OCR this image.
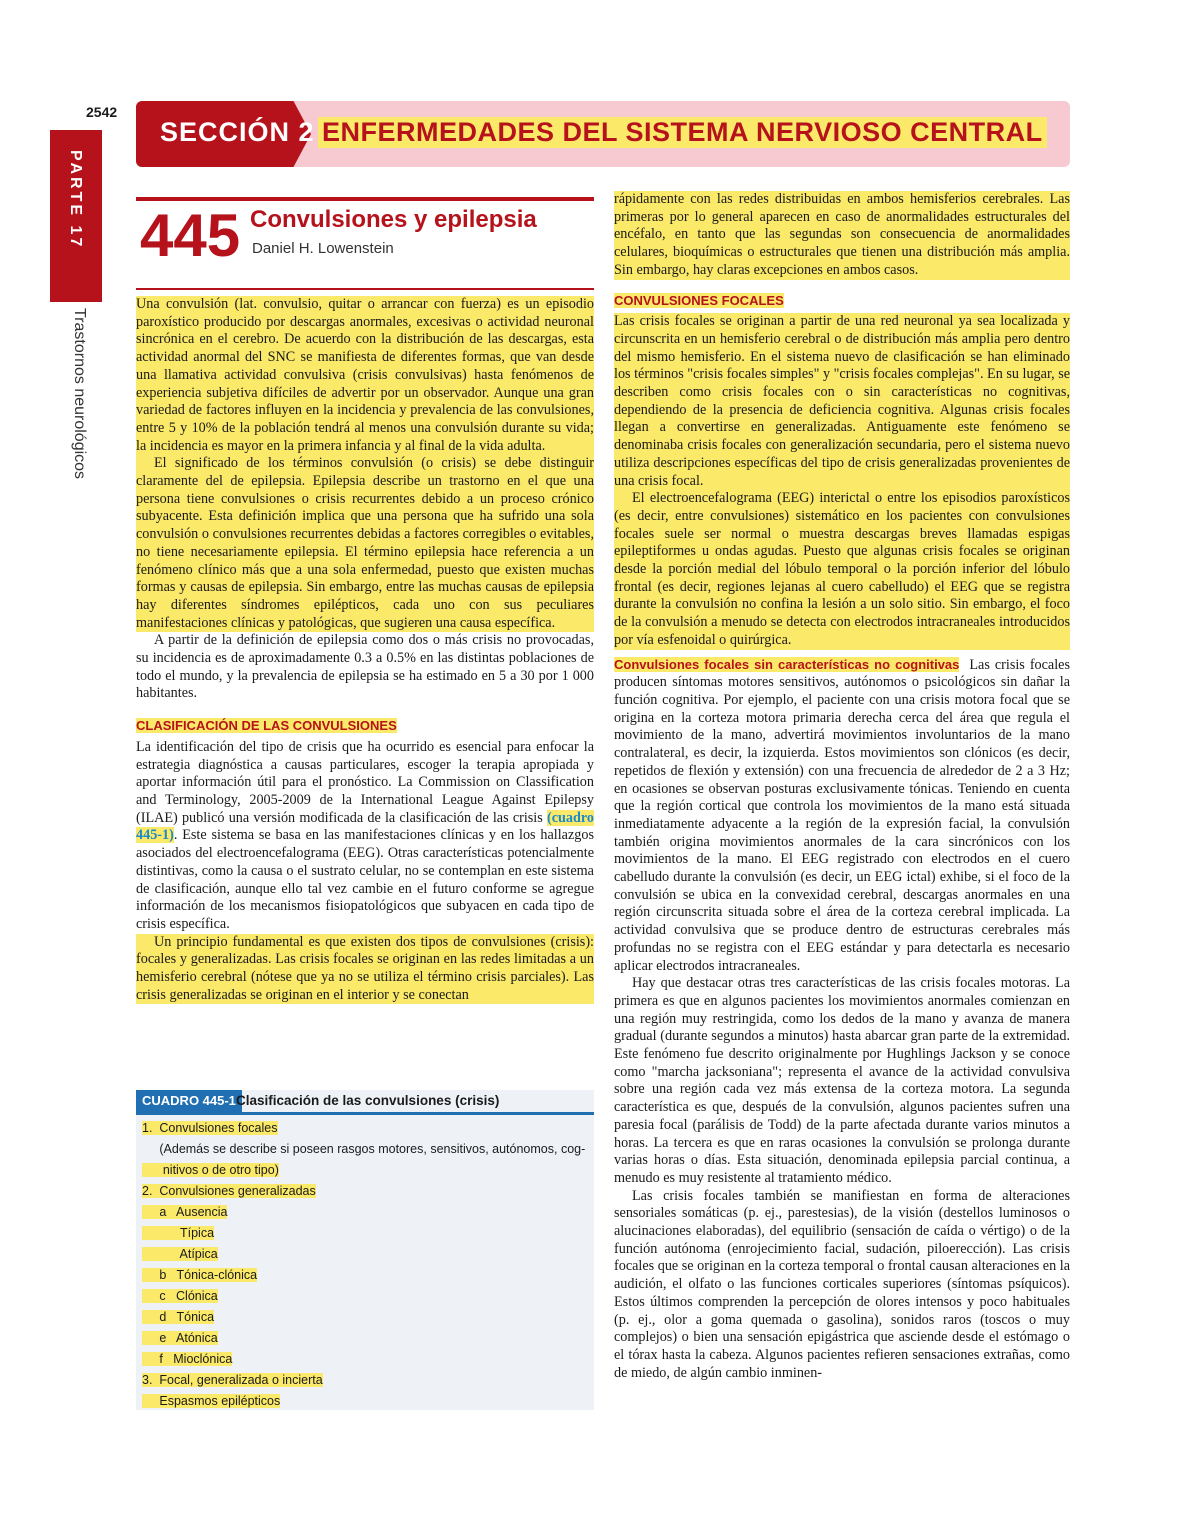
2542
PARTE 17
Trastornos neurológicos
SECCIÓN 2 ENFERMEDADES DEL SISTEMA NERVIOSO CENTRAL
445 Convulsiones y epilepsia
Daniel H. Lowenstein

Una convulsión (lat. convulsio, quitar o arrancar con fuerza) es un episodio paroxístico producido por descargas anormales, excesivas o actividad neuronal sincrónica en el cerebro. De acuerdo con la distribución de las descargas, esta actividad anormal del SNC se manifiesta de diferentes formas, que van desde una llamativa actividad convulsiva (crisis convulsivas) hasta fenómenos de experiencia subjetiva difíciles de advertir por un observador. Aunque una gran variedad de factores influyen en la incidencia y prevalencia de las convulsiones, entre 5 y 10% de la población tendrá al menos una convulsión durante su vida; la incidencia es mayor en la primera infancia y al final de la vida adulta.

El significado de los términos convulsión (o crisis) se debe distinguir claramente del de epilepsia. Epilepsia describe un trastorno en el que una persona tiene convulsiones o crisis recurrentes debido a un proceso crónico subyacente. Esta definición implica que una persona que ha sufrido una sola convulsión o convulsiones recurrentes debidas a factores corregibles o evitables, no tiene necesariamente epilepsia. El término epilepsia hace referencia a un fenómeno clínico más que a una sola enfermedad, puesto que existen muchas formas y causas de epilepsia. Sin embargo, entre las muchas causas de epilepsia hay diferentes síndromes epilépticos, cada uno con sus peculiares manifestaciones clínicas y patológicas, que sugieren una causa específica.

A partir de la definición de epilepsia como dos o más crisis no provocadas, su incidencia es de aproximadamente 0.3 a 0.5% en las distintas poblaciones de todo el mundo, y la prevalencia de epilepsia se ha estimado en 5 a 30 por 1 000 habitantes.

CLASIFICACIÓN DE LAS CONVULSIONES

La identificación del tipo de crisis que ha ocurrido es esencial para enfocar la estrategia diagnóstica a causas particulares, escoger la terapia apropiada y aportar información útil para el pronóstico. La Commission on Classification and Terminology, 2005-2009 de la International League Against Epilepsy (ILAE) publicó una versión modificada de la clasificación de las crisis (cuadro 445-1). Este sistema se basa en las manifestaciones clínicas y en los hallazgos asociados del electroencefalograma (EEG). Otras características potencialmente distintivas, como la causa o el sustrato celular, no se contemplan en este sistema de clasificación, aunque ello tal vez cambie en el futuro conforme se agregue información de los mecanismos fisiopatológicos que subyacen en cada tipo de crisis específica.

Un principio fundamental es que existen dos tipos de convulsiones (crisis): focales y generalizadas. Las crisis focales se originan en las redes limitadas a un hemisferio cerebral (nótese que ya no se utiliza el término crisis parciales). Las crisis generalizadas se originan en el interior y se conectan

CUADRO 445-1 Clasificación de las convulsiones (crisis)
1.  Convulsiones focales
(Además se describe si poseen rasgos motores, sensitivos, autónomos, cog-
nitivos o de otro tipo)
2.  Convulsiones generalizadas
a   Ausencia
Típica
Atípica
b   Tónica-clónica
c   Clónica
d   Tónica
e   Atónica
f   Mioclónica
3.  Focal, generalizada o incierta
Espasmos epilépticos

rápidamente con las redes distribuidas en ambos hemisferios cerebrales. Las primeras por lo general aparecen en caso de anormalidades estructurales del encéfalo, en tanto que las segundas son consecuencia de anormalidades celulares, bioquímicas o estructurales que tienen una distribución más amplia. Sin embargo, hay claras excepciones en ambos casos.

CONVULSIONES FOCALES

Las crisis focales se originan a partir de una red neuronal ya sea localizada y circunscrita en un hemisferio cerebral o de distribución más amplia pero dentro del mismo hemisferio. En el sistema nuevo de clasificación se han eliminado los términos "crisis focales simples" y "crisis focales complejas". En su lugar, se describen como crisis focales con o sin características no cognitivas, dependiendo de la presencia de deficiencia cognitiva. Algunas crisis focales llegan a convertirse en generalizadas. Antiguamente este fenómeno se denominaba crisis focales con generalización secundaria, pero el sistema nuevo utiliza descripciones específicas del tipo de crisis generalizadas provenientes de una crisis focal.

El electroencefalograma (EEG) interictal o entre los episodios paroxísticos (es decir, entre convulsiones) sistemático en los pacientes con convulsiones focales suele ser normal o muestra descargas breves llamadas espigas epileptiformes u ondas agudas. Puesto que algunas crisis focales se originan desde la porción medial del lóbulo temporal o la porción inferior del lóbulo frontal (es decir, regiones lejanas al cuero cabelludo) el EEG que se registra durante la convulsión no confina la lesión a un solo sitio. Sin embargo, el foco de la convulsión a menudo se detecta con electrodos intracraneales introducidos por vía esfenoidal o quirúrgica.

Convulsiones focales sin características no cognitivas Las crisis focales producen síntomas motores sensitivos, autónomos o psicológicos sin dañar la función cognitiva. Por ejemplo, el paciente con una crisis motora focal que se origina en la corteza motora primaria derecha cerca del área que regula el movimiento de la mano, advertirá movimientos involuntarios de la mano contralateral, es decir, la izquierda. Estos movimientos son clónicos (es decir, repetidos de flexión y extensión) con una frecuencia de alrededor de 2 a 3 Hz; en ocasiones se observan posturas exclusivamente tónicas. Teniendo en cuenta que la región cortical que controla los movimientos de la mano está situada inmediatamente adyacente a la región de la expresión facial, la convulsión también origina movimientos anormales de la cara sincrónicos con los movimientos de la mano. El EEG registrado con electrodos en el cuero cabelludo durante la convulsión (es decir, un EEG ictal) exhibe, si el foco de la convulsión se ubica en la convexidad cerebral, descargas anormales en una región circunscrita situada sobre el área de la corteza cerebral implicada. La actividad convulsiva que se produce dentro de estructuras cerebrales más profundas no se registra con el EEG estándar y para detectarla es necesario aplicar electrodos intracraneales.

Hay que destacar otras tres características de las crisis focales motoras. La primera es que en algunos pacientes los movimientos anormales comienzan en una región muy restringida, como los dedos de la mano y avanza de manera gradual (durante segundos a minutos) hasta abarcar gran parte de la extremidad. Este fenómeno fue descrito originalmente por Hughlings Jackson y se conoce como "marcha jacksoniana"; representa el avance de la actividad convulsiva sobre una región cada vez más extensa de la corteza motora. La segunda característica es que, después de la convulsión, algunos pacientes sufren una paresia focal (parálisis de Todd) de la parte afectada durante varios minutos a horas. La tercera es que en raras ocasiones la convulsión se prolonga durante varias horas o días. Esta situación, denominada epilepsia parcial continua, a menudo es muy resistente al tratamiento médico.

Las crisis focales también se manifiestan en forma de alteraciones sensoriales somáticas (p. ej., parestesias), de la visión (destellos luminosos o alucinaciones elaboradas), del equilibrio (sensación de caída o vértigo) o de la función autónoma (enrojecimiento facial, sudación, piloerección). Las crisis focales que se originan en la corteza temporal o frontal causan alteraciones en la audición, el olfato o las funciones corticales superiores (síntomas psíquicos). Estos últimos comprenden la percepción de olores intensos y poco habituales (p. ej., olor a goma quemada o gasolina), sonidos raros (toscos o muy complejos) o bien una sensación epigástrica que asciende desde el estómago o el tórax hasta la cabeza. Algunos pacientes refieren sensaciones extrañas, como de miedo, de algún cambio inminen-
